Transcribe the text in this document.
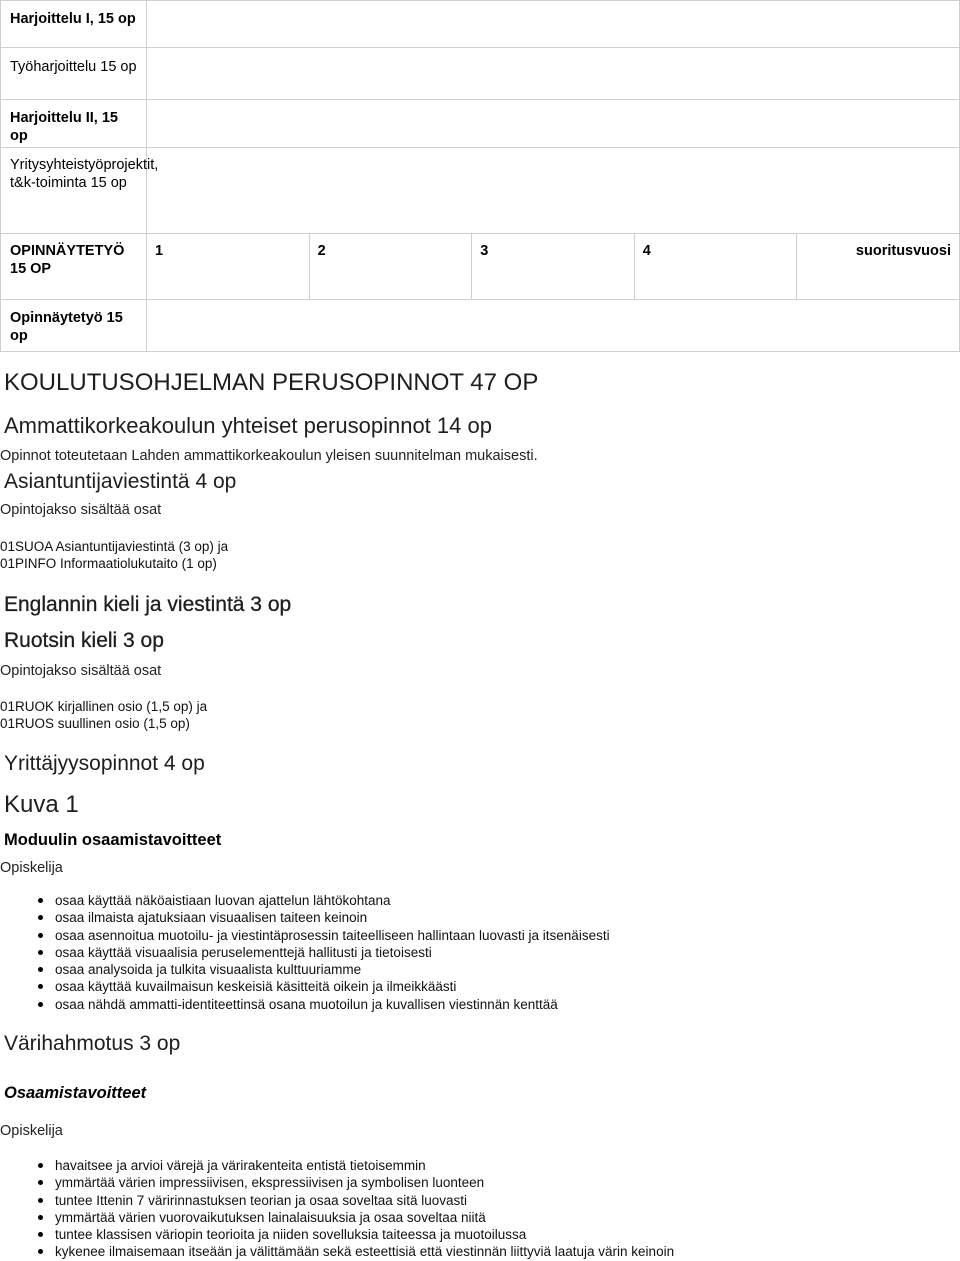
Harjoittelu I, 15 op					
Työharjoittelu 15 op					
Harjoittelu II, 15 op					
Yritysyhteistyöprojektit, t&k-toiminta 15 op					
OPINNÄYTETYÖ 15 OP	1	2	3	4	suoritusvuosi
Opinnäytetyö 15 op					
KOULUTUSOHJELMAN PERUSOPINNOT 47 OP
Ammattikorkeakoulun yhteiset perusopinnot 14 op
Opinnot toteutetaan Lahden ammattikorkeakoulun yleisen suunnitelman mukaisesti.
Asiantuntijaviestintä 4 op
Opintojakso sisältää osat
01SUOA Asiantuntijaviestintä (3 op) ja
01PINFO Informaatiolukutaito (1 op)
Englannin kieli ja viestintä 3 op
Ruotsin kieli 3 op
Opintojakso sisältää osat
01RUOK kirjallinen osio (1,5 op) ja
01RUOS suullinen osio (1,5 op)
Yrittäjyysopinnot 4 op
Kuva 1
Moduulin osaamistavoitteet
Opiskelija
osaa käyttää näköaistiaan luovan ajattelun lähtökohtana
osaa ilmaista ajatuksiaan visuaalisen taiteen keinoin
osaa asennoitua muotoilu- ja viestintäprosessin taiteelliseen hallintaan luovasti ja itsenäisesti
osaa käyttää visuaalisia peruselementtejä hallitusti ja tietoisesti
osaa analysoida ja tulkita visuaalista kulttuuriamme
osaa käyttää kuvailmaisun keskeisiä käsitteitä oikein ja ilmeikkäästi
osaa nähdä ammatti-identiteettinsä osana muotoilun ja kuvallisen viestinnän kenttää
Värihahmotus 3 op
Osaamistavoitteet
Opiskelija
havaitsee ja arvioi värejä ja värirakenteita entistä tietoisemmin
ymmärtää värien impressiivisen, ekspressiivisen ja symbolisen luonteen
tuntee Ittenin 7 väririnnastuksen teorian ja osaa soveltaa sitä luovasti
ymmärtää värien vuorovaikutuksen lainalaisuuksia ja osaa soveltaa niitä
tuntee klassisen väriopin teorioita ja niiden sovelluksia taiteessa ja muotoilussa
kykenee ilmaisemaan itseään ja välittämään sekä esteettisiä että viestinnän liittyviä laatuja värin keinoin
